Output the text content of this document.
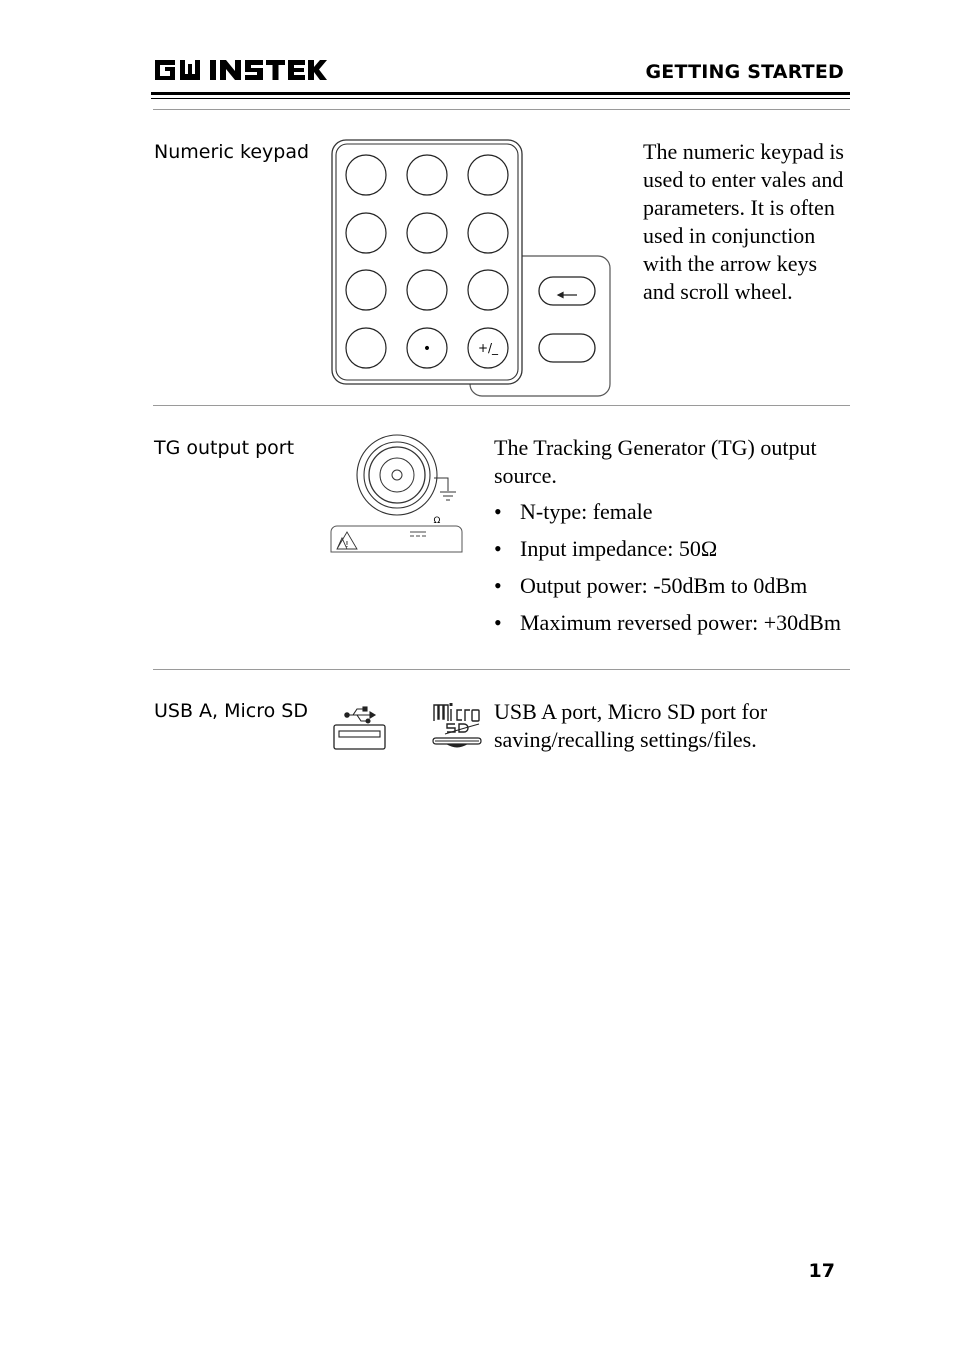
GETTING STARTED
Numeric keypad
•	+/_
The numeric keypad is used to enter vales and parameters. It is often used in conjunction with the arrow keys and scroll wheel.
TG output port
Ω
!
The Tracking Generator (TG) output source.
• N-type: female
• Input impedance: 50Ω
• Output power: -50dBm to 0dBm
• Maximum reversed power: +30dBm
USB A, Micro SD	USB A port, Micro SD port for saving/recalling settings/files.
17
